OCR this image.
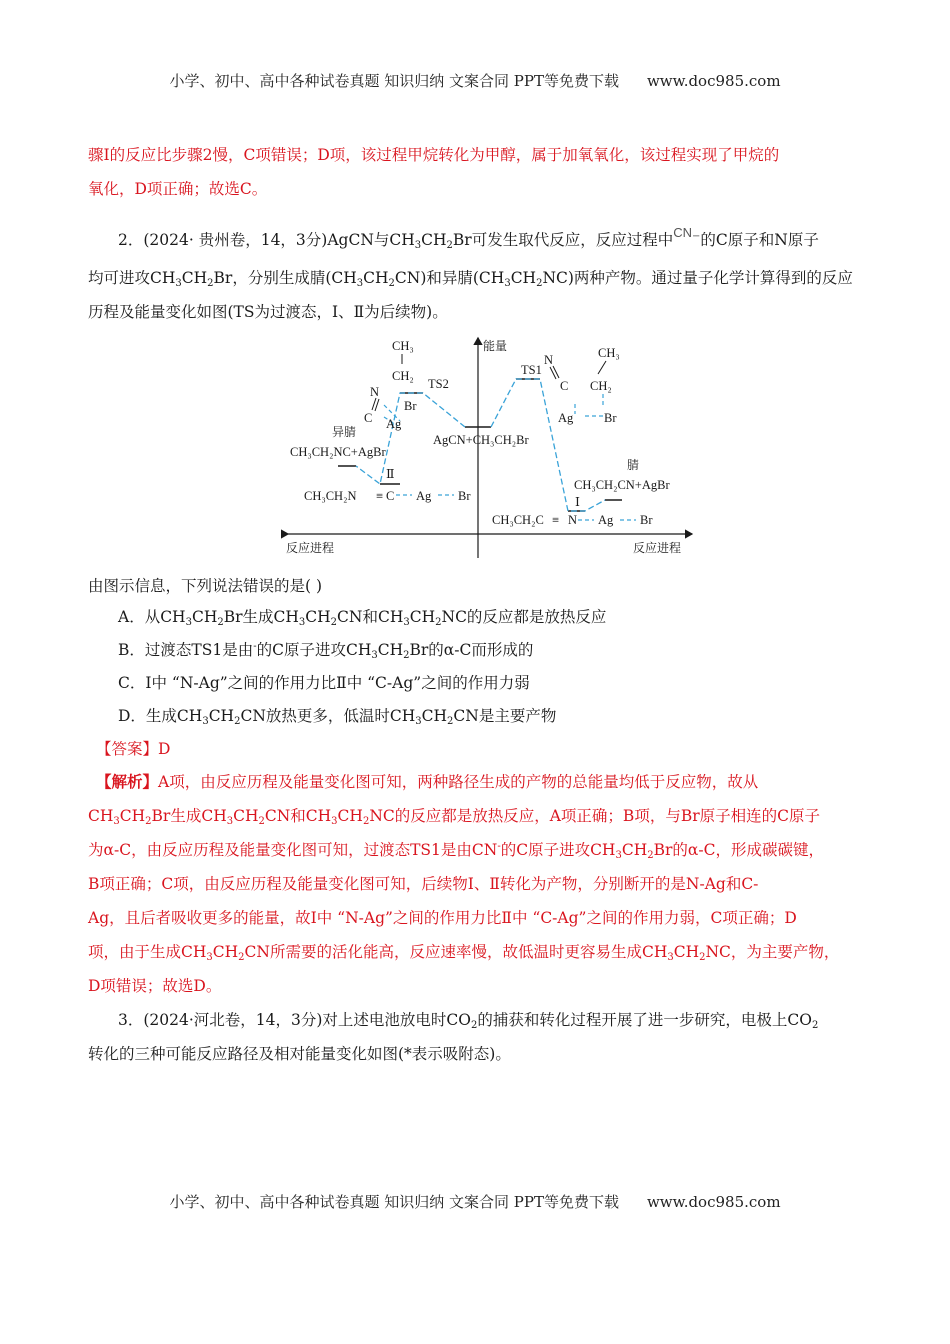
小学、初中、高中各种试卷真题 知识归纳 文案合同 PPT等免费下载 www.doc985.com
小学、初中、高中各种试卷真题 知识归纳 文案合同 PPT等免费下载 www.doc985.com
骤Ⅰ的反应比步骤2慢，C项错误；D项，该过程甲烷转化为甲醇，属于加氧氧化，该过程实现了甲烷的
氧化，D项正确；故选C。
2．(2024· 贵州卷，14，3分)AgCN与$CH_3CH_2Br$可发生取代反应，反应过程中$^{CN-}$的C原子和N原子
均可进攻$CH_3CH_2Br$，分别生成腈$(CH_3CH_2CN)$和异腈$(CH_3CH_2NC)$两种产物。通过量子化学计算得到的反应
历程及能量变化如图(TS为过渡态，Ⅰ、Ⅱ为后续物)。
能量
反应进程	反应进程
TS2
TS1
AgCN+CH₃CH₂Br
异腈
CH₃CH₂NC+AgBr
Ⅱ
腈
CH₃CH₂CN+AgBr
Ⅰ
CH₃CH₂N ≡ C Ag Br
CH₃CH₂C ≡ N Ag Br
CH₃
CH₂
N
C
Br
Ag
N	CH₃
C CH₂
Ag Br
由图示信息，下列说法错误的是( )
A．从$CH_3CH_2Br$生成$CH_3CH_2CN$和$CH_3CH_2NC$的反应都是放热反应
B．过渡态TS1是由-的C原子进攻$CH_3CH_2Br$的α-C而形成的
C．Ⅰ中 “N-Ag”之间的作用力比Ⅱ中 “C-Ag”之间的作用力弱
D．生成$CH_3CH_2CN$放热更多，低温时$CH_3CH_2CN$是主要产物
【答案】D
【解析】A项，由反应历程及能量变化图可知，两种路径生成的产物的总能量均低于反应物，故从
$CH_3CH_2Br$生成$CH_3CH_2CN$和$CH_3CH_2NC$的反应都是放热反应，A项正确；B项，与Br原子相连的C原子
为α-C，由反应历程及能量变化图可知，过渡态TS1是由CN-的C原子进攻$CH_3CH_2Br$的α-C，形成碳碳键，
B项正确；C项，由反应历程及能量变化图可知，后续物Ⅰ、Ⅱ转化为产物，分别断开的是N-Ag和C-
Ag，且后者吸收更多的能量，故Ⅰ中 “N-Ag”之间的作用力比Ⅱ中 “C-Ag”之间的作用力弱，C项正确；D
项，由于生成$CH_3CH_2CN$所需要的活化能高，反应速率慢，故低温时更容易生成$CH_3CH_2NC$，为主要产物，
D项错误；故选D。
3．(2024·河北卷，14，3分)对上述电池放电时$CO_2$的捕获和转化过程开展了进一步研究，电极上$CO_2$
转化的三种可能反应路径及相对能量变化如图(*表示吸附态)。
